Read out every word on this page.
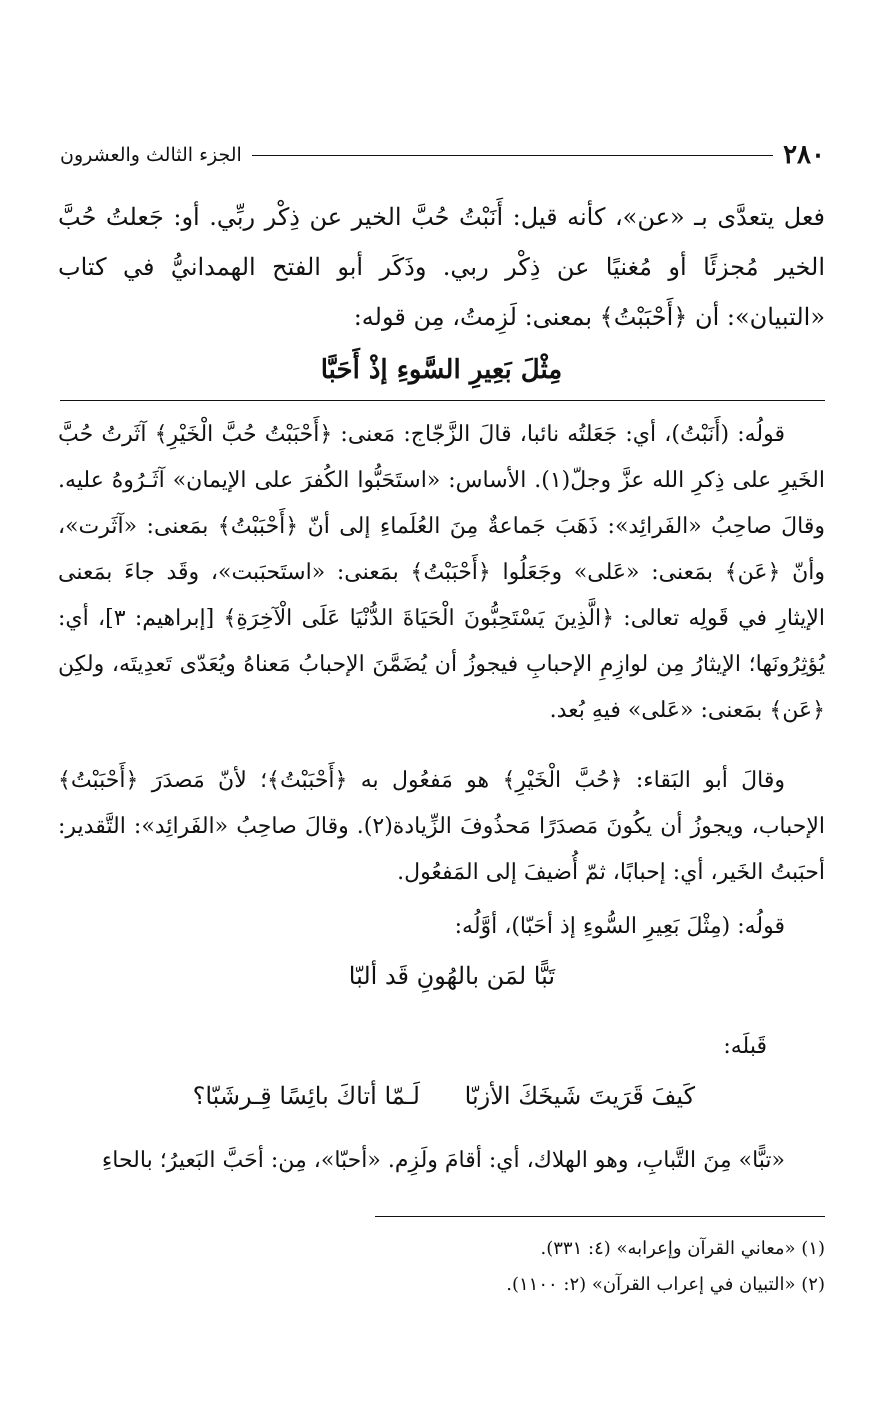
٢٨٠
الجزء الثالث والعشرون
فعل يتعدَّى بـ «عن»، كأنه قيل: أَنَبْتُ حُبَّ الخير عن ذِكْر ربِّي. أو: جَعلتُ حُبَّ الخير مُجزئًا أو مُغنيًا عن ذِكْر ربي. وذَكَر أبو الفتح الهمدانيُّ في كتاب «التبيان»: أن ﴿أَحْبَبْتُ﴾ بمعنى: لَزِمتُ، مِن قوله:
مِثْلَ بَعِيرِ السَّوءِ إذْ أَحَبَّا
قولُه: (أَنَبْتُ)، أي: جَعَلتُه نائبا، قالَ الزَّجّاج: مَعنى: ﴿أَحْبَبْتُ حُبَّ الْخَيْرِ﴾ آثَرتُ حُبَّ الخَيرِ على ذِكرِ الله عزَّ وجلّ(١). الأساس: «استَحَبُّوا الكُفرَ على الإيمان» آثَـرُوهُ عليه. وقالَ صاحِبُ «الفَرائِد»: ذَهَبَ جَماعةٌ مِنَ العُلَماءِ إلى أنّ ﴿أَحْبَبْتُ﴾ بمَعنى: «آثَرت»، وأنّ ﴿عَن﴾ بمَعنى: «عَلى» وجَعَلُوا ﴿أَحْبَبْتُ﴾ بمَعنى: «استَحبَبت»، وقَد جاءَ بمَعنى الإيثارِ في قَولِه تعالى: ﴿الَّذِينَ يَسْتَحِبُّونَ الْحَيَاةَ الدُّنْيَا عَلَى الْآخِرَةِ﴾ [إبراهيم: ٣]، أي: يُؤثِرُونَها؛ الإيثارُ مِن لوازِمِ الإحبابِ فيجوزُ أن يُضَمَّنَ الإحبابُ مَعناهُ ويُعَدّى تَعدِيتَه، ولكِن ﴿عَن﴾ بمَعنى: «عَلى» فيهِ بُعد.
وقالَ أبو البَقاء: ﴿حُبَّ الْخَيْرِ﴾ هو مَفعُول به ﴿أَحْبَبْتُ﴾؛ لأنّ مَصدَرَ ﴿أَحْبَبْتُ﴾ الإحباب، ويجوزُ أن يكُونَ مَصدَرًا مَحذُوفَ الزِّيادة(٢). وقالَ صاحِبُ «الفَرائِد»: التَّقدير: أحبَبتُ الخَير، أي: إحبابًا، ثمّ أُضيفَ إلى المَفعُول.
قولُه: (مِثْلَ بَعِيرِ السُّوءِ إذ أحَبّا)، أوَّلُه:
تَبًّا لمَن بالهُونِ قَد ألبّا
قَبلَه:
كَيفَ قَرَيتَ شَيخَكَ الأزبّا
لَـمّا أتاكَ بائِسًا قِـرشَبّا؟
«تبًّا» مِنَ التَّبابِ، وهو الهلاك، أي: أقامَ ولَزِم. «أحبّا»، مِن: أحَبَّ البَعيرُ؛ بالحاءِ
(١) «معاني القرآن وإعرابه» (٤: ٣٣١).
(٢) «التبيان في إعراب القرآن» (٢: ١١٠٠).
